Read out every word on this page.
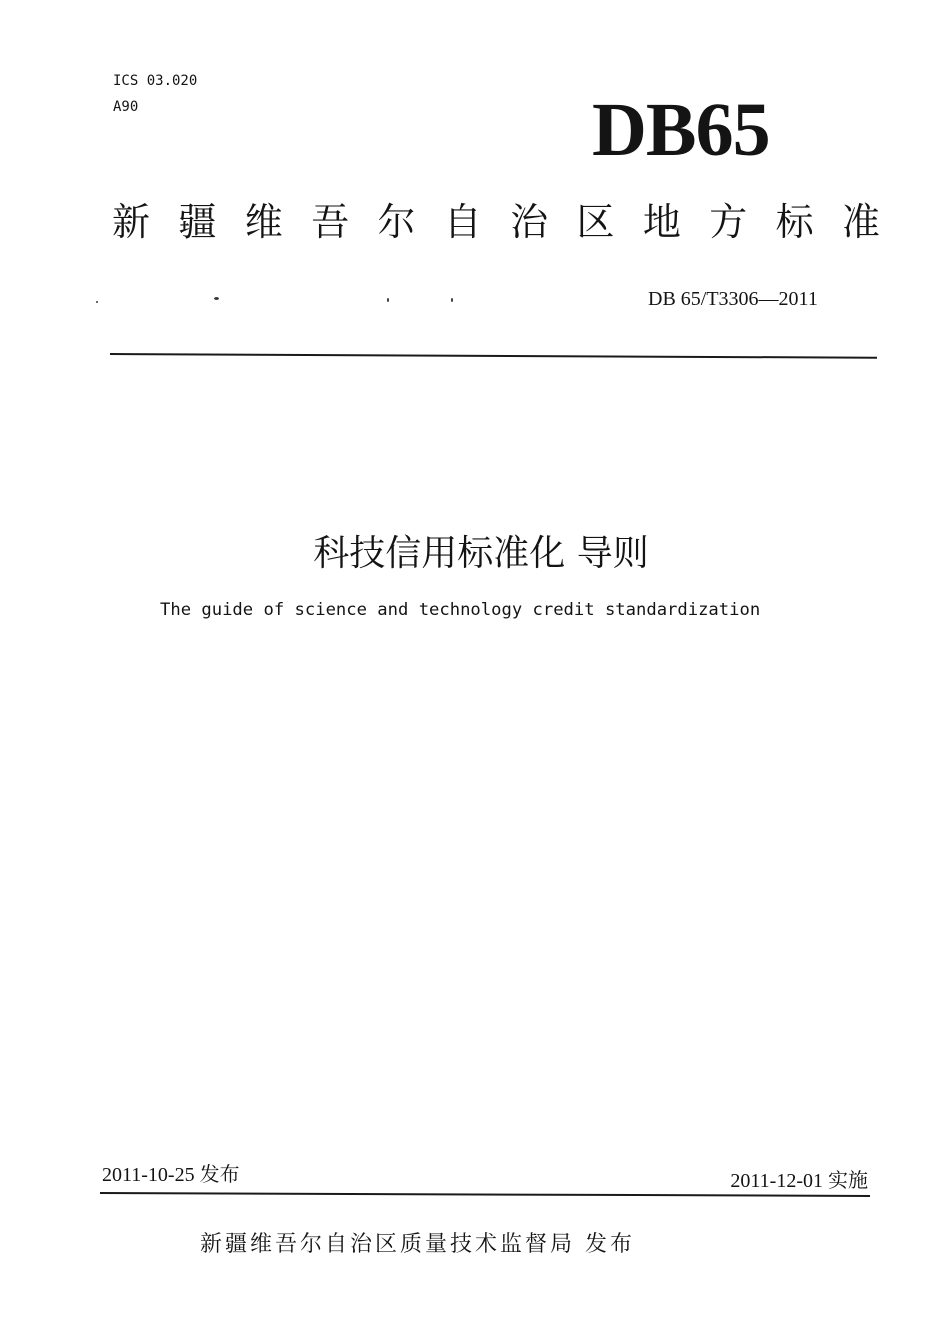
ICS 03.020
A90	DB65
新 疆 维 吾 尔 自 治 区 地 方 标 准
DB 65/T3306—2011
科技信用标准化 导则
The guide of science and technology credit standardization
2011-10-25 发布	2011-12-01 实施
新疆维吾尔自治区质量技术监督局 发布
